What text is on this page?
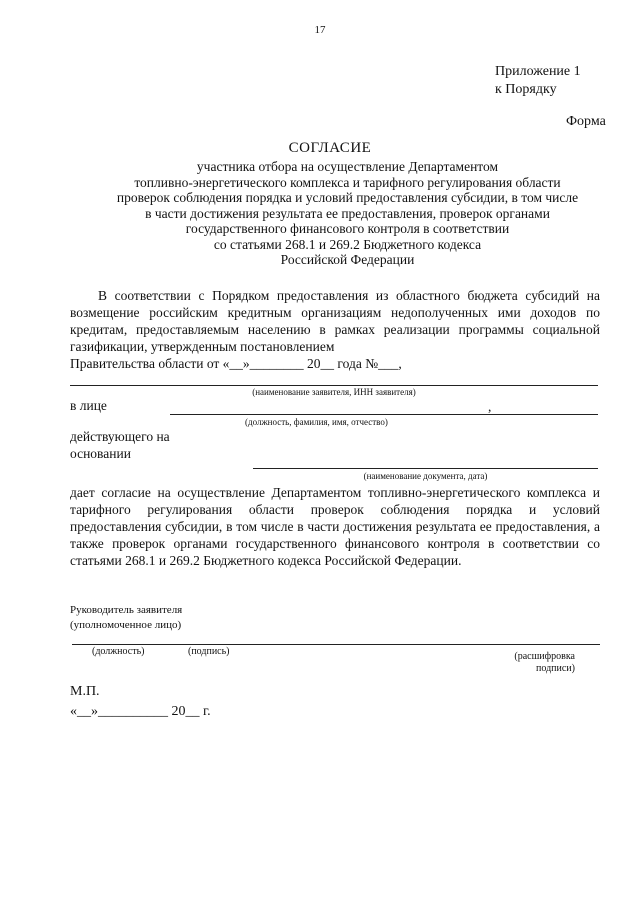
17
Приложение 1
к Порядку
Форма
СОГЛАСИЕ
участника отбора на осуществление Департаментом
топливно-энергетического комплекса и тарифного регулирования области
проверок соблюдения порядка и условий предоставления субсидии, в том числе
в части достижения результата ее предоставления, проверок органами
государственного финансового контроля в соответствии
со статьями 268.1 и 269.2 Бюджетного кодекса
Российской Федерации
В соответствии с Порядком предоставления из областного бюджета субсидий на возмещение российским кредитным организациям недополученных ими доходов по кредитам, предоставляемым населению в рамках реализации программы социальной газификации, утвержденным постановлением
Правительства области от «__»________ 20__ года №___,
(наименование заявителя, ИНН заявителя)
в лице	,
(должность, фамилия, имя, отчество)
действующего на
основании
(наименование документа, дата)
дает согласие на осуществление Департаментом топливно-энергетического комплекса и тарифного регулирования области проверок соблюдения порядка и условий предоставления субсидии, в том числе в части достижения результата ее предоставления, а также проверок органами государственного финансового контроля в соответствии со статьями 268.1 и 269.2 Бюджетного кодекса Российской Федерации.
Руководитель заявителя
(уполномоченное лицо)
(должность)	(подпись)	(расшифровка
подписи)
М.П.
«__»__________ 20__ г.
